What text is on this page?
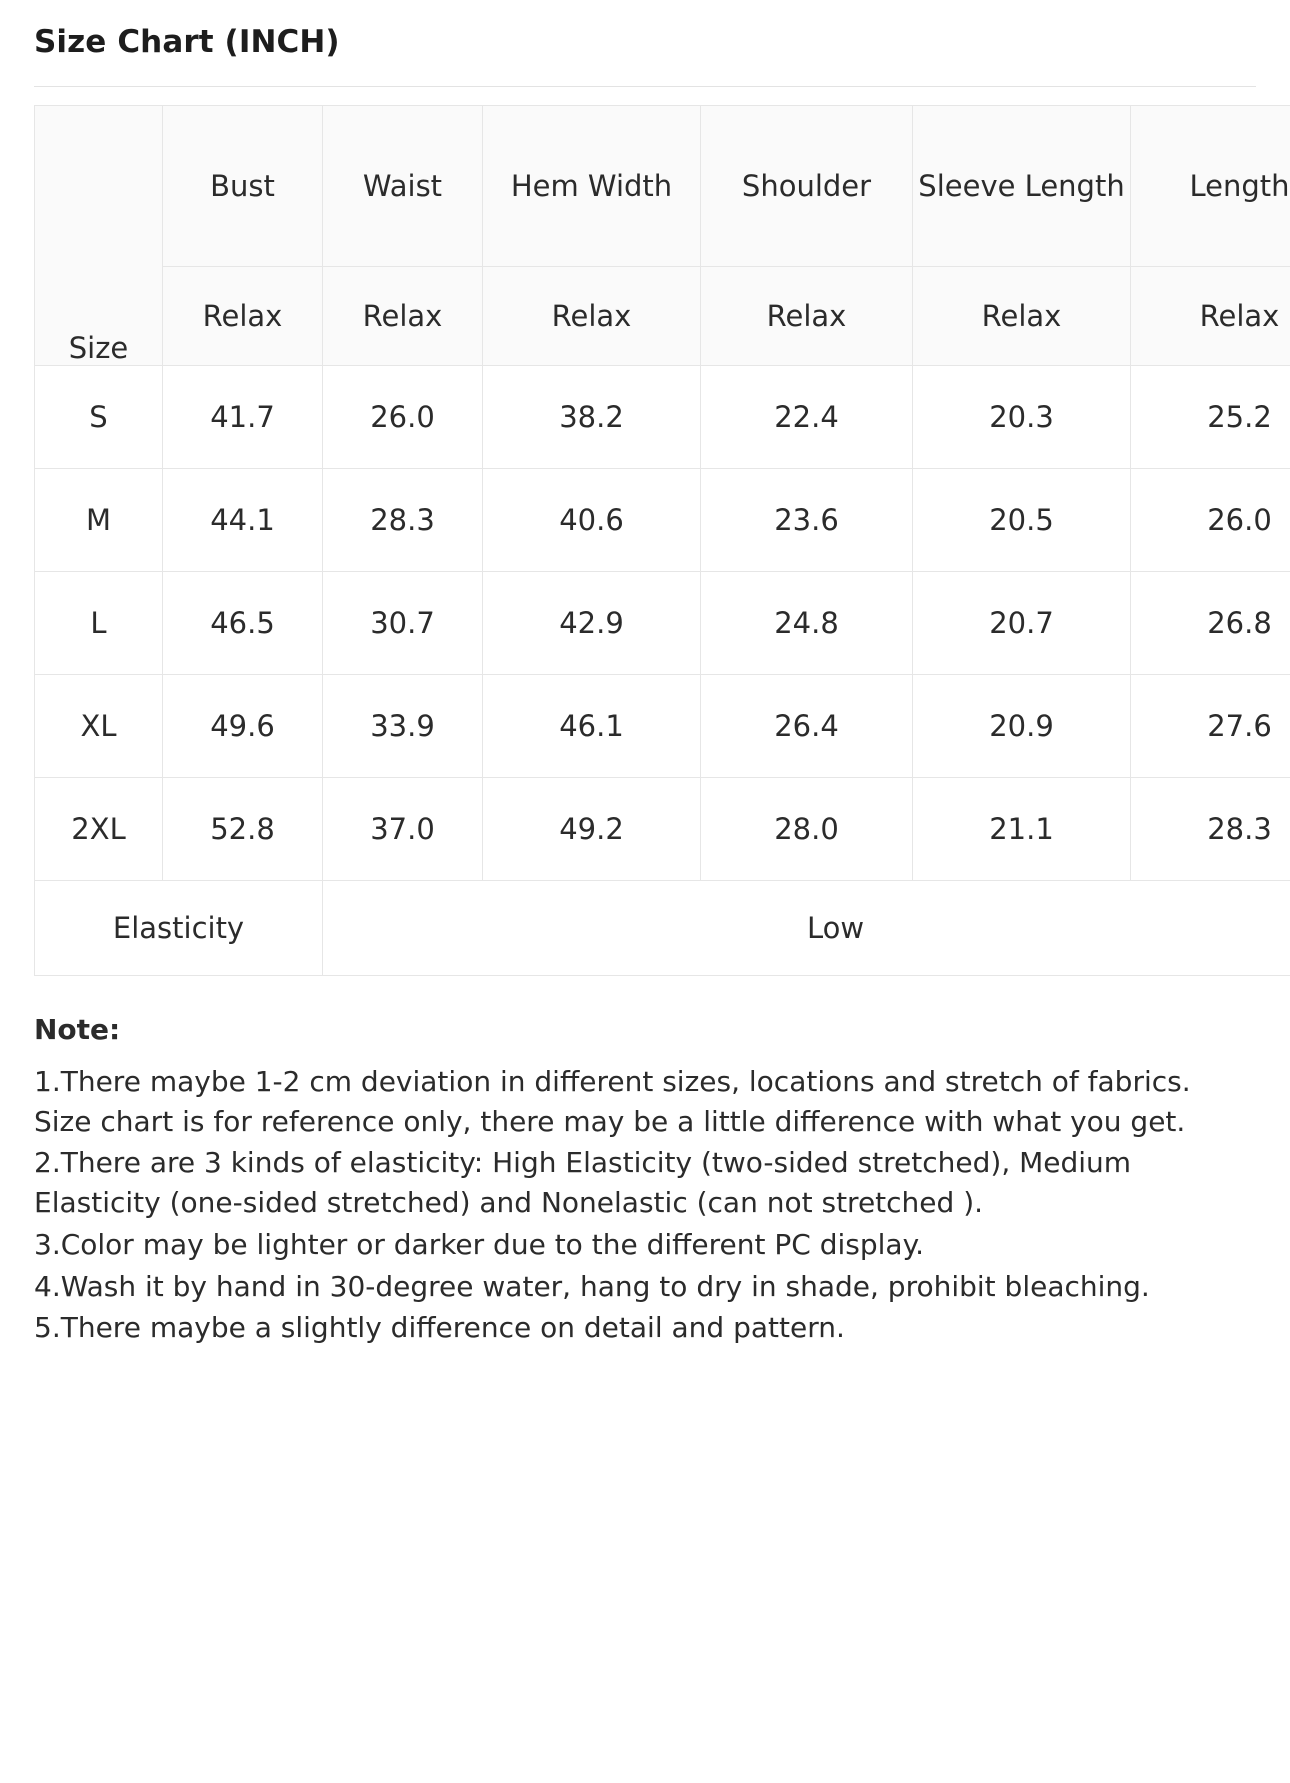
Size Chart (INCH)
Size	Bust	Waist	Hem Width	Shoulder	Sleeve Length	Length
	Relax	Relax	Relax	Relax	Relax	Relax
S	41.7	26.0	38.2	22.4	20.3	25.2
M	44.1	28.3	40.6	23.6	20.5	26.0
L	46.5	30.7	42.9	24.8	20.7	26.8
XL	49.6	33.9	46.1	26.4	20.9	27.6
2XL	52.8	37.0	49.2	28.0	21.1	28.3
Elasticity		Low				
Note:

1.There maybe 1-2 cm deviation in different sizes, locations and stretch of fabrics. Size chart is for reference only, there may be a little difference with what you get.

2.There are 3 kinds of elasticity: High Elasticity (two-sided stretched), Medium Elasticity (one-sided stretched) and Nonelastic (can not stretched ).

3.Color may be lighter or darker due to the different PC display.

4.Wash it by hand in 30-degree water, hang to dry in shade, prohibit bleaching.

5.There maybe a slightly difference on detail and pattern.
